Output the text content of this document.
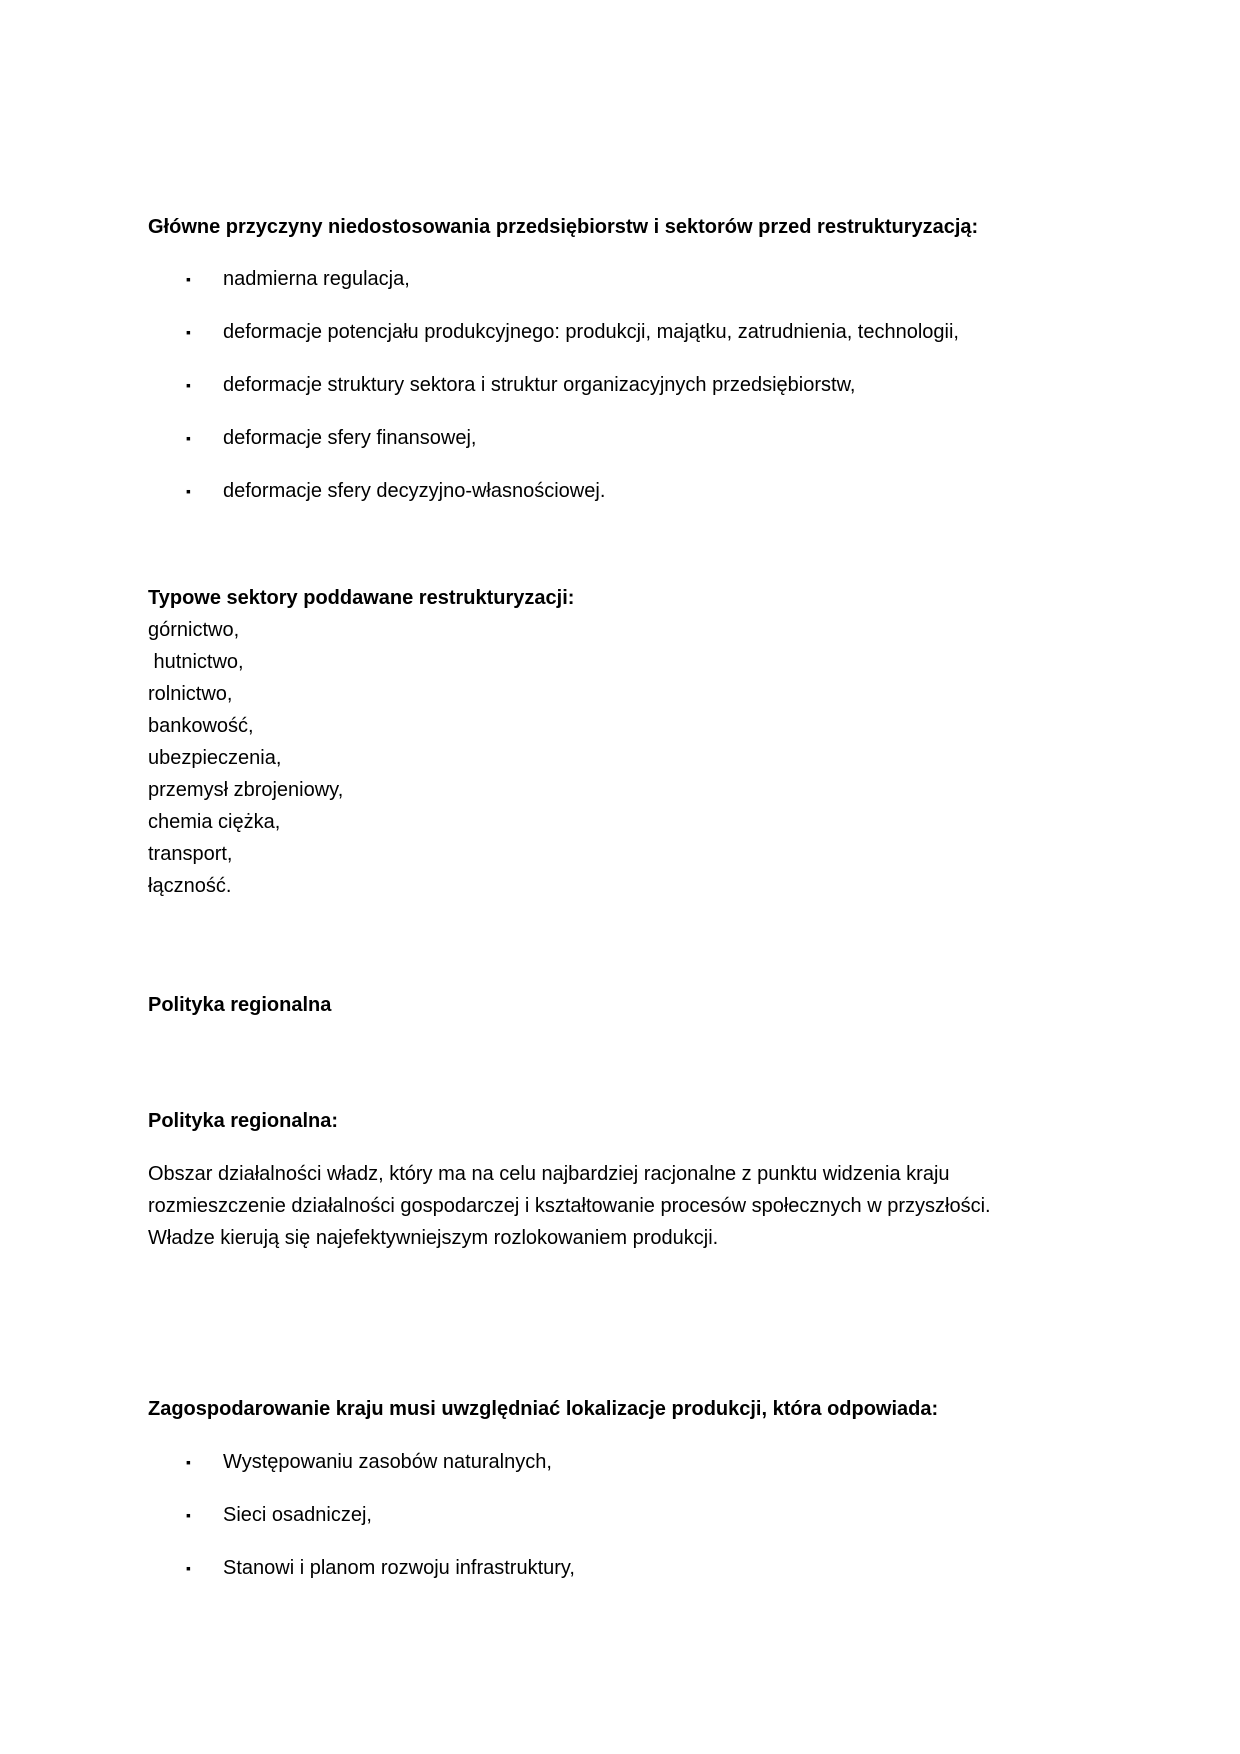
Główne przyczyny niedostosowania przedsiębiorstw i sektorów przed restrukturyzacją:
▪ nadmierna regulacja,
▪ deformacje potencjału produkcyjnego: produkcji, majątku, zatrudnienia, technologii,
▪ deformacje struktury sektora i struktur organizacyjnych przedsiębiorstw,
▪ deformacje sfery finansowej,
▪ deformacje sfery decyzyjno-własnościowej.
Typowe sektory poddawane restrukturyzacji:
górnictwo,
hutnictwo,
rolnictwo,
bankowość,
ubezpieczenia,
przemysł zbrojeniowy,
chemia ciężka,
transport,
łączność.
Polityka regionalna
Polityka regionalna:
Obszar działalności władz, który ma na celu najbardziej racjonalne z punktu widzenia kraju
rozmieszczenie działalności gospodarczej i kształtowanie procesów społecznych w przyszłości.
Władze kierują się najefektywniejszym rozlokowaniem produkcji.
Zagospodarowanie kraju musi uwzględniać lokalizacje produkcji, która odpowiada:
▪ Występowaniu zasobów naturalnych,
▪ Sieci osadniczej,
▪ Stanowi i planom rozwoju infrastruktury,
